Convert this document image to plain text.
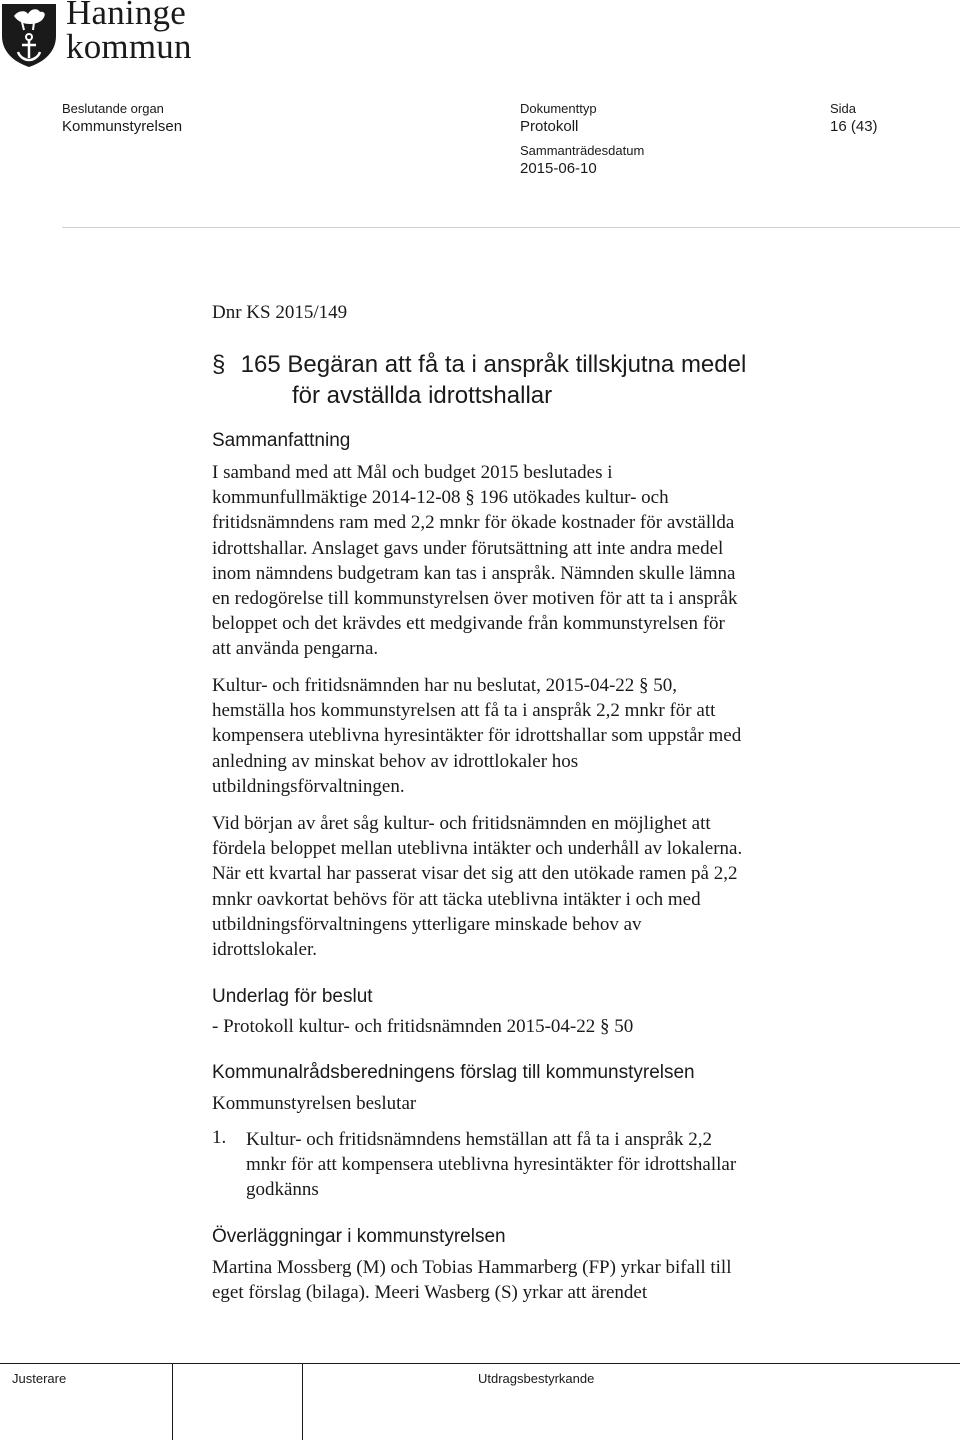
Haninge
kommun
Beslutande organ
Kommunstyrelsen
Dokumenttyp
Protokoll
Sammanträdesdatum
2015-06-10
Sida
16 (43)
Dnr KS 2015/149
§ 165 Begäran att få ta i anspråk tillskjutna medel
för avställda idrottshallar
Sammanfattning

I samband med att Mål och budget 2015 beslutades i
kommunfullmäktige 2014-12-08 § 196 utökades kultur- och
fritidsnämndens ram med 2,2 mnkr för ökade kostnader för avställda
idrottshallar. Anslaget gavs under förutsättning att inte andra medel
inom nämndens budgetram kan tas i anspråk. Nämnden skulle lämna
en redogörelse till kommunstyrelsen över motiven för att ta i anspråk
beloppet och det krävdes ett medgivande från kommunstyrelsen för
att använda pengarna.

Kultur- och fritidsnämnden har nu beslutat, 2015-04-22 § 50,
hemställa hos kommunstyrelsen att få ta i anspråk 2,2 mnkr för att
kompensera uteblivna hyresintäkter för idrottshallar som uppstår med
anledning av minskat behov av idrottlokaler hos
utbildningsförvaltningen.

Vid början av året såg kultur- och fritidsnämnden en möjlighet att
fördela beloppet mellan uteblivna intäkter och underhåll av lokalerna.
När ett kvartal har passerat visar det sig att den utökade ramen på 2,2
mnkr oavkortat behövs för att täcka uteblivna intäkter i och med
utbildningsförvaltningens ytterligare minskade behov av
idrottslokaler.

Underlag för beslut

- Protokoll kultur- och fritidsnämnden 2015-04-22 § 50

Kommunalrådsberedningens förslag till kommunstyrelsen

Kommunstyrelsen beslutar

1. Kultur- och fritidsnämndens hemställan att få ta i anspråk 2,2
mnkr för att kompensera uteblivna hyresintäkter för idrottshallar
godkänns
Överläggningar i kommunstyrelsen

Martina Mossberg (M) och Tobias Hammarberg (FP) yrkar bifall till
eget förslag (bilaga). Meeri Wasberg (S) yrkar att ärendet

Justerare	Utdragsbestyrkande
